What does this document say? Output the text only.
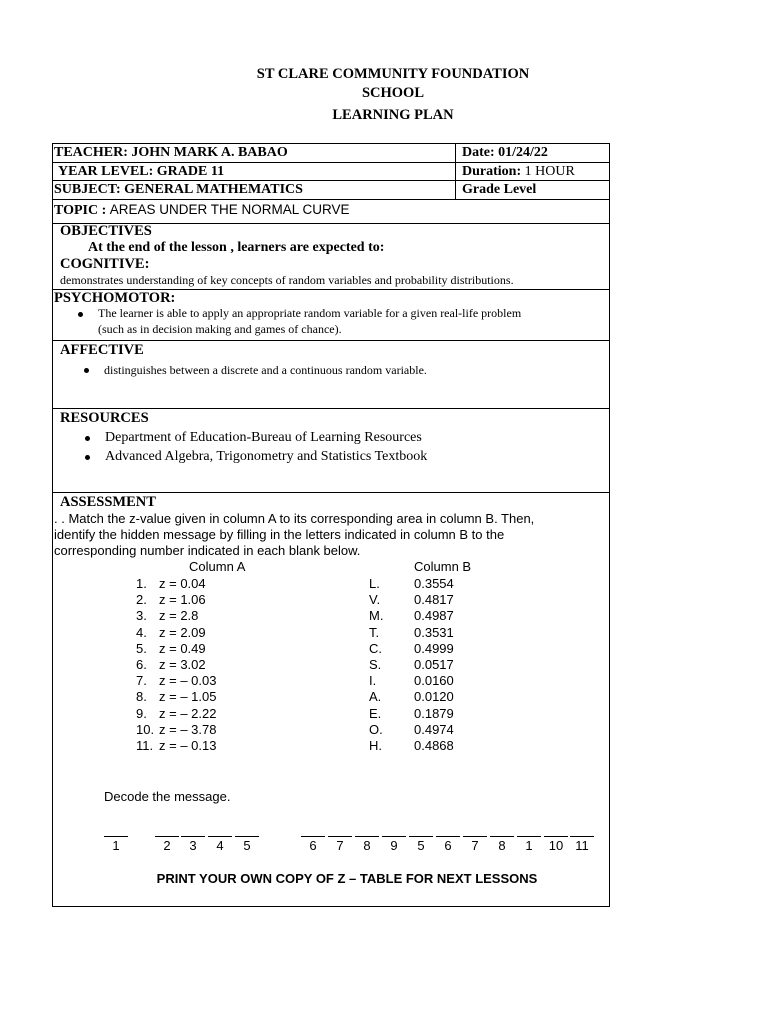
ST CLARE COMMUNITY FOUNDATION
SCHOOL
LEARNING PLAN
TEACHER: JOHN MARK A. BABAO	Date: 01/24/22
YEAR LEVEL: GRADE 11	Duration: 1 HOUR
SUBJECT: GENERAL MATHEMATICS	Grade Level
TOPIC : AREAS UNDER THE NORMAL CURVE
OBJECTIVES
At the end of the lesson , learners are expected to:
COGNITIVE:
demonstrates understanding of key concepts of random variables and probability distributions.
PSYCHOMOTOR:
The learner is able to apply an appropriate random variable for a given real-life problem
(such as in decision making and games of chance).
AFFECTIVE
distinguishes between a discrete and a continuous random variable.
RESOURCES
Department of Education-Bureau of Learning Resources
Advanced Algebra, Trigonometry and Statistics Textbook
ASSESSMENT
. . Match the z-value given in column A to its corresponding area in column B. Then,
identify the hidden message by filling in the letters indicated in column B to the
corresponding number indicated in each blank below.
Column A	Column B
1. z = 0.04	L.	0.3554
2. z = 1.06	V.	0.4817
3. z = 2.8	M. 0.4987
4. z = 2.09	T.	0.3531
5. z = 0.49	C. 0.4999
6. z = 3.02	S.	0.0517
7. z = – 0.03	I.	0.0160
8. z = – 1.05	A.	0.0120
9. z = – 2.22	E.	0.1879
10. z = – 3.78	O. 0.4974
11. z = – 0.13	H. 0.4868
Decode the message.
1	2	3	4	5	6	7	8	9	5	6	7	8	1	10 11
PRINT YOUR OWN COPY OF Z – TABLE FOR NEXT LESSONS
